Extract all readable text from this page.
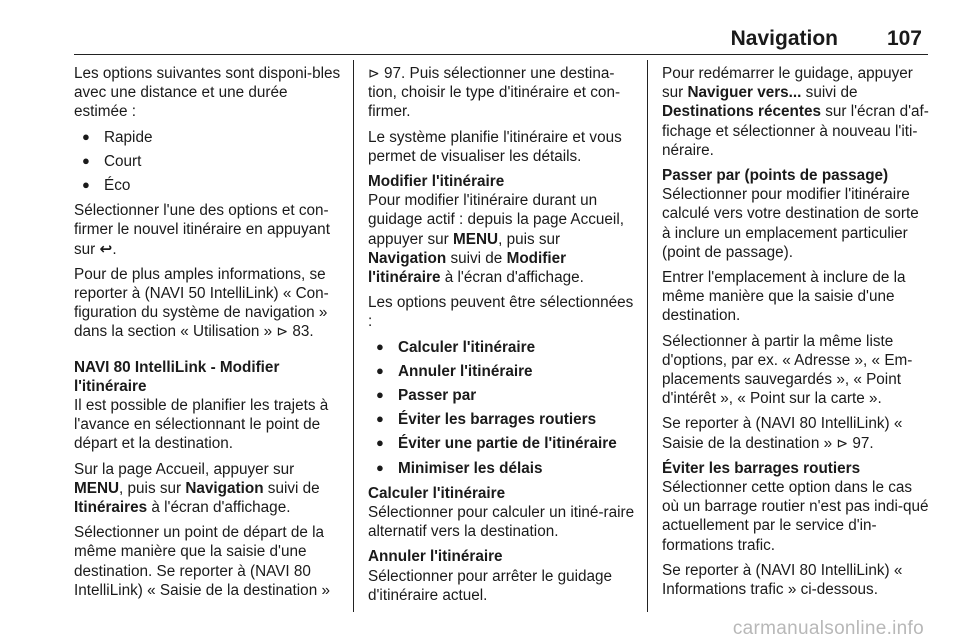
Navigation 107

Les options suivantes sont disponi-bles avec une distance et une durée estimée :

● Rapide
● Court
● Éco

Sélectionner l'une des options et con-firmer le nouvel itinéraire en appuyant sur ↩.

Pour de plus amples informations, se reporter à (NAVI 50 IntelliLink) « Con-figuration du système de navigation » dans la section « Utilisation » ⊳ 83.

NAVI 80 IntelliLink - Modifier l'itinéraire

Il est possible de planifier les trajets à l'avance en sélectionnant le point de départ et la destination.

Sur la page Accueil, appuyer sur MENU, puis sur Navigation suivi de Itinéraires à l'écran d'affichage.

Sélectionner un point de départ de la même manière que la saisie d'une destination. Se reporter à (NAVI 80 IntelliLink) « Saisie de la destination »

⊳ 97. Puis sélectionner une destina-tion, choisir le type d'itinéraire et con-firmer.

Le système planifie l'itinéraire et vous permet de visualiser les détails.

Modifier l'itinéraire

Pour modifier l'itinéraire durant un guidage actif : depuis la page Accueil, appuyer sur MENU, puis sur Navigation suivi de Modifier l'itinéraire à l'écran d'affichage.

Les options peuvent être sélectionnées :

● Calculer l'itinéraire
● Annuler l'itinéraire
● Passer par
● Éviter les barrages routiers
● Éviter une partie de l'itinéraire
● Minimiser les délais

Calculer l'itinéraire

Sélectionner pour calculer un itiné-raire alternatif vers la destination.

Annuler l'itinéraire

Sélectionner pour arrêter le guidage d'itinéraire actuel.

Pour redémarrer le guidage, appuyer sur Naviguer vers... suivi de Destinations récentes sur l'écran d'af-fichage et sélectionner à nouveau l'iti-néraire.

Passer par (points de passage)

Sélectionner pour modifier l'itinéraire calculé vers votre destination de sorte à inclure un emplacement particulier (point de passage).

Entrer l'emplacement à inclure de la même manière que la saisie d'une destination.

Sélectionner à partir la même liste d'options, par ex. « Adresse », « Em-placements sauvegardés », « Point d'intérêt », « Point sur la carte ».

Se reporter à (NAVI 80 IntelliLink) « Saisie de la destination » ⊳ 97.

Éviter les barrages routiers

Sélectionner cette option dans le cas où un barrage routier n'est pas indi-qué actuellement par le service d'in-formations trafic.

Se reporter à (NAVI 80 IntelliLink) « Informations trafic » ci-dessous.

carmanualsonline.info
